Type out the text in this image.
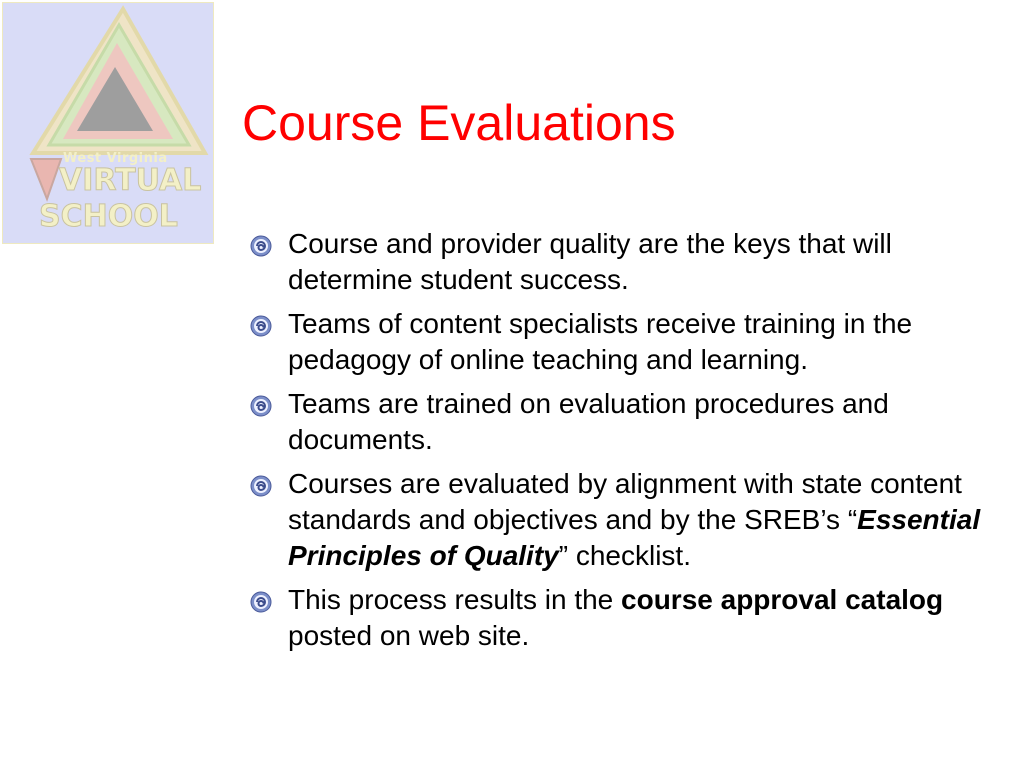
West Virginia
VIRTUAL
SCHOOL
Course Evaluations
Course and provider quality are the keys that will determine student success.
Teams of content specialists receive training in the pedagogy of online teaching and learning.
Teams are trained on evaluation procedures and documents.
Courses are evaluated by alignment with state content standards and objectives and by the SREB’s “Essential Principles of Quality” checklist.
This process results in the course approval catalog posted on web site.
